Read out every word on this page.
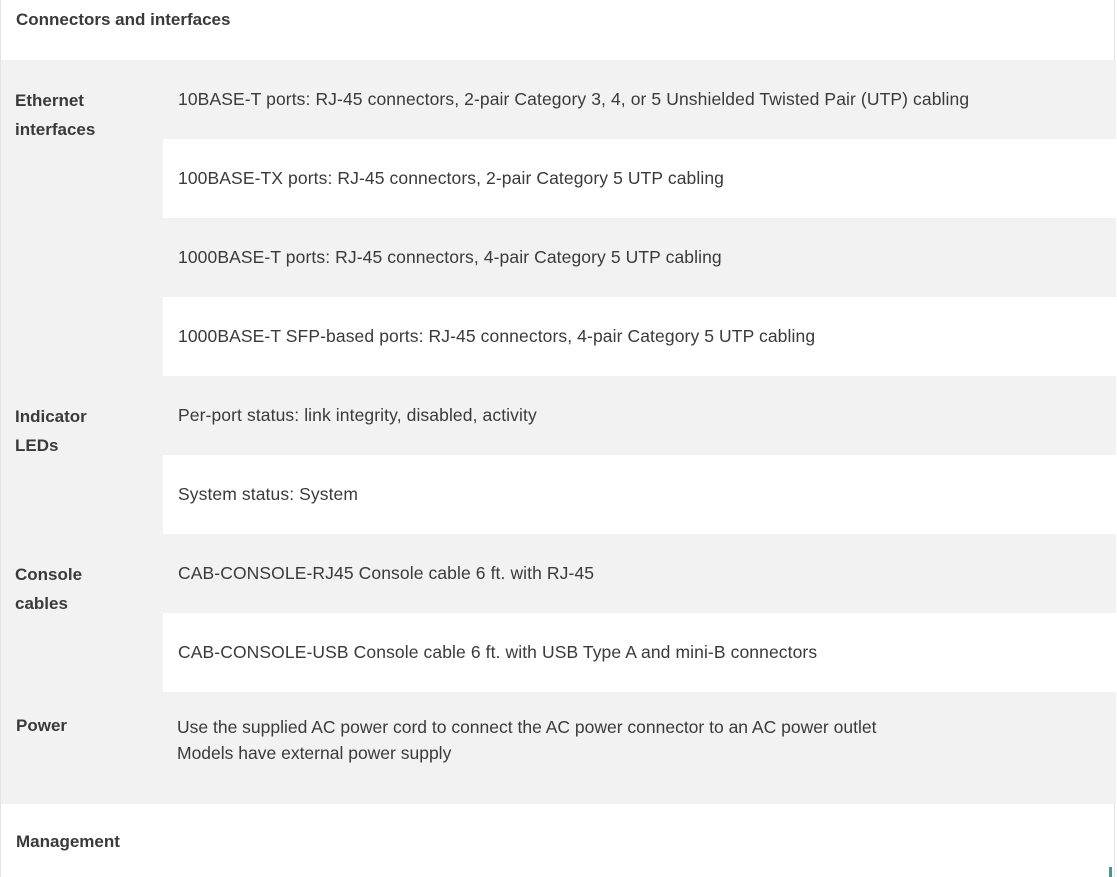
Connectors and interfaces
Ethernet
interfaces
10BASE-T ports: RJ-45 connectors, 2-pair Category 3, 4, or 5 Unshielded Twisted Pair (UTP) cabling
100BASE-TX ports: RJ-45 connectors, 2-pair Category 5 UTP cabling
1000BASE-T ports: RJ-45 connectors, 4-pair Category 5 UTP cabling
1000BASE-T SFP-based ports: RJ-45 connectors, 4-pair Category 5 UTP cabling
Indicator
LEDs
Per-port status: link integrity, disabled, activity
System status: System
Console
cables
CAB-CONSOLE-RJ45 Console cable 6 ft. with RJ-45
CAB-CONSOLE-USB Console cable 6 ft. with USB Type A and mini-B connectors
Power	Use the supplied AC power cord to connect the AC power connector to an AC power outlet
Models have external power supply
Management
